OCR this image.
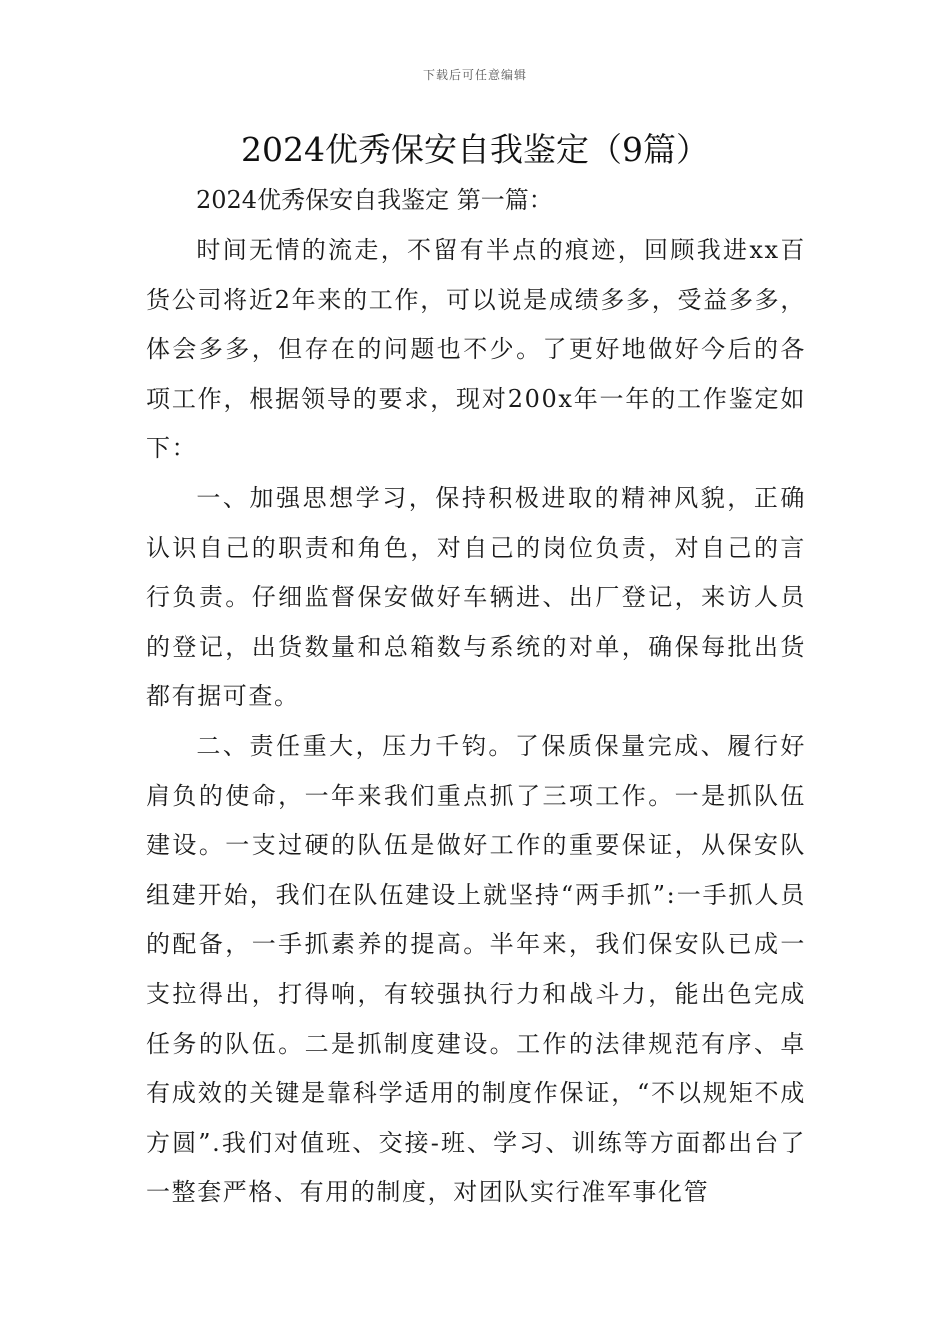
下载后可任意编辑
2024优秀保安自我鉴定（9篇）
2024优秀保安自我鉴定 第一篇：

时间无情的流走，不留有半点的痕迹，回顾我进xx百货公司将近2年来的工作，可以说是成绩多多，受益多多，体会多多，但存在的问题也不少。了更好地做好今后的各项工作，根据领导的要求，现对200x年一年的工作鉴定如下：

一、加强思想学习，保持积极进取的精神风貌，正确认识自己的职责和角色，对自己的岗位负责，对自己的言行负责。仔细监督保安做好车辆进、出厂登记，来访人员的登记，出货数量和总箱数与系统的对单，确保每批出货都有据可查。

二、责任重大，压力千钧。了保质保量完成、履行好肩负的使命，一年来我们重点抓了三项工作。一是抓队伍建设。一支过硬的队伍是做好工作的重要保证，从保安队组建开始，我们在队伍建设上就坚持“两手抓”:一手抓人员的配备，一手抓素养的提高。半年来，我们保安队已成一支拉得出，打得响，有较强执行力和战斗力，能出色完成任务的队伍。二是抓制度建设。工作的法律规范有序、卓有成效的关键是靠科学适用的制度作保证，“不以规矩不成方圆”.我们对值班、交接-班、学习、训练等方面都出台了一整套严格、有用的制度，对团队实行准军事化管
